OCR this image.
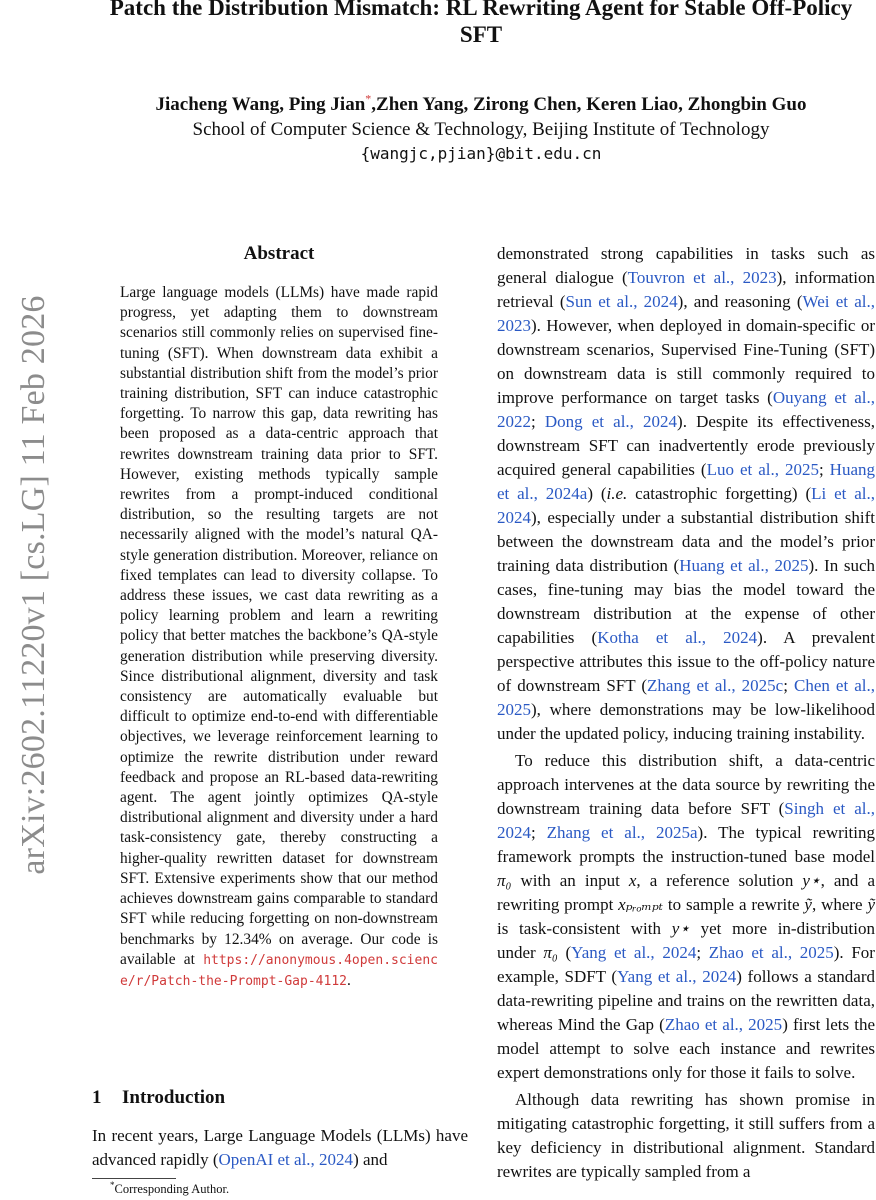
arXiv:2602.11220v1 [cs.LG] 11 Feb 2026
Patch the Distribution Mismatch: RL Rewriting Agent for Stable Off-Policy SFT
Jiacheng Wang, Ping Jian*,Zhen Yang, Zirong Chen, Keren Liao, Zhongbin Guo
School of Computer Science & Technology, Beijing Institute of Technology
{wangjc,pjian}@bit.edu.cn
Abstract

Large language models (LLMs) have made rapid progress, yet adapting them to downstream scenarios still commonly relies on supervised fine-tuning (SFT). When downstream data exhibit a substantial distribution shift from the model’s prior training distribution, SFT can induce catastrophic forgetting. To narrow this gap, data rewriting has been proposed as a data-centric approach that rewrites downstream training data prior to SFT. However, existing methods typically sample rewrites from a prompt-induced conditional distribution, so the resulting targets are not necessarily aligned with the model’s natural QA-style generation distribution. Moreover, reliance on fixed templates can lead to diversity collapse. To address these issues, we cast data rewriting as a policy learning problem and learn a rewriting policy that better matches the backbone’s QA-style generation distribution while preserving diversity. Since distributional alignment, diversity and task consistency are automatically evaluable but difficult to optimize end-to-end with differentiable objectives, we leverage reinforcement learning to optimize the rewrite distribution under reward feedback and propose an RL-based data-rewriting agent. The agent jointly optimizes QA-style distributional alignment and diversity under a hard task-consistency gate, thereby constructing a higher-quality rewritten dataset for downstream SFT. Extensive experiments show that our method achieves downstream gains comparable to standard SFT while reducing forgetting on non-downstream benchmarks by 12.34% on average. Our code is available at https://anonymous.4open.science/r/Patch-the-Prompt-Gap-4112.

1 Introduction

In recent years, Large Language Models (LLMs) have advanced rapidly (OpenAI et al., 2024) and

*Corresponding Author.

demonstrated strong capabilities in tasks such as general dialogue (Touvron et al., 2023), information retrieval (Sun et al., 2024), and reasoning (Wei et al., 2023). However, when deployed in domain-specific or downstream scenarios, Supervised Fine-Tuning (SFT) on downstream data is still commonly required to improve performance on target tasks (Ouyang et al., 2022; Dong et al., 2024). Despite its effectiveness, downstream SFT can inadvertently erode previously acquired general capabilities (Luo et al., 2025; Huang et al., 2024a) (i.e. catastrophic forgetting) (Li et al., 2024), especially under a substantial distribution shift between the downstream data and the model’s prior training data distribution (Huang et al., 2025). In such cases, fine-tuning may bias the model toward the downstream distribution at the expense of other capabilities (Kotha et al., 2024). A prevalent perspective attributes this issue to the off-policy nature of downstream SFT (Zhang et al., 2025c; Chen et al., 2025), where demonstrations may be low-likelihood under the updated policy, inducing training instability.

To reduce this distribution shift, a data-centric approach intervenes at the data source by rewriting the downstream training data before SFT (Singh et al., 2024; Zhang et al., 2025a). The typical rewriting framework prompts the instruction-tuned base model π₀ with an input x, a reference solution y⋆, and a rewriting prompt xₚᵣₒₘₚₜ to sample a rewrite ỹ, where ỹ is task-consistent with y⋆ yet more in-distribution under π₀ (Yang et al., 2024; Zhao et al., 2025). For example, SDFT (Yang et al., 2024) follows a standard data-rewriting pipeline and trains on the rewritten data, whereas Mind the Gap (Zhao et al., 2025) first lets the model attempt to solve each instance and rewrites expert demonstrations only for those it fails to solve.

Although data rewriting has shown promise in mitigating catastrophic forgetting, it still suffers from a key deficiency in distributional alignment. Standard rewrites are typically sampled from a
